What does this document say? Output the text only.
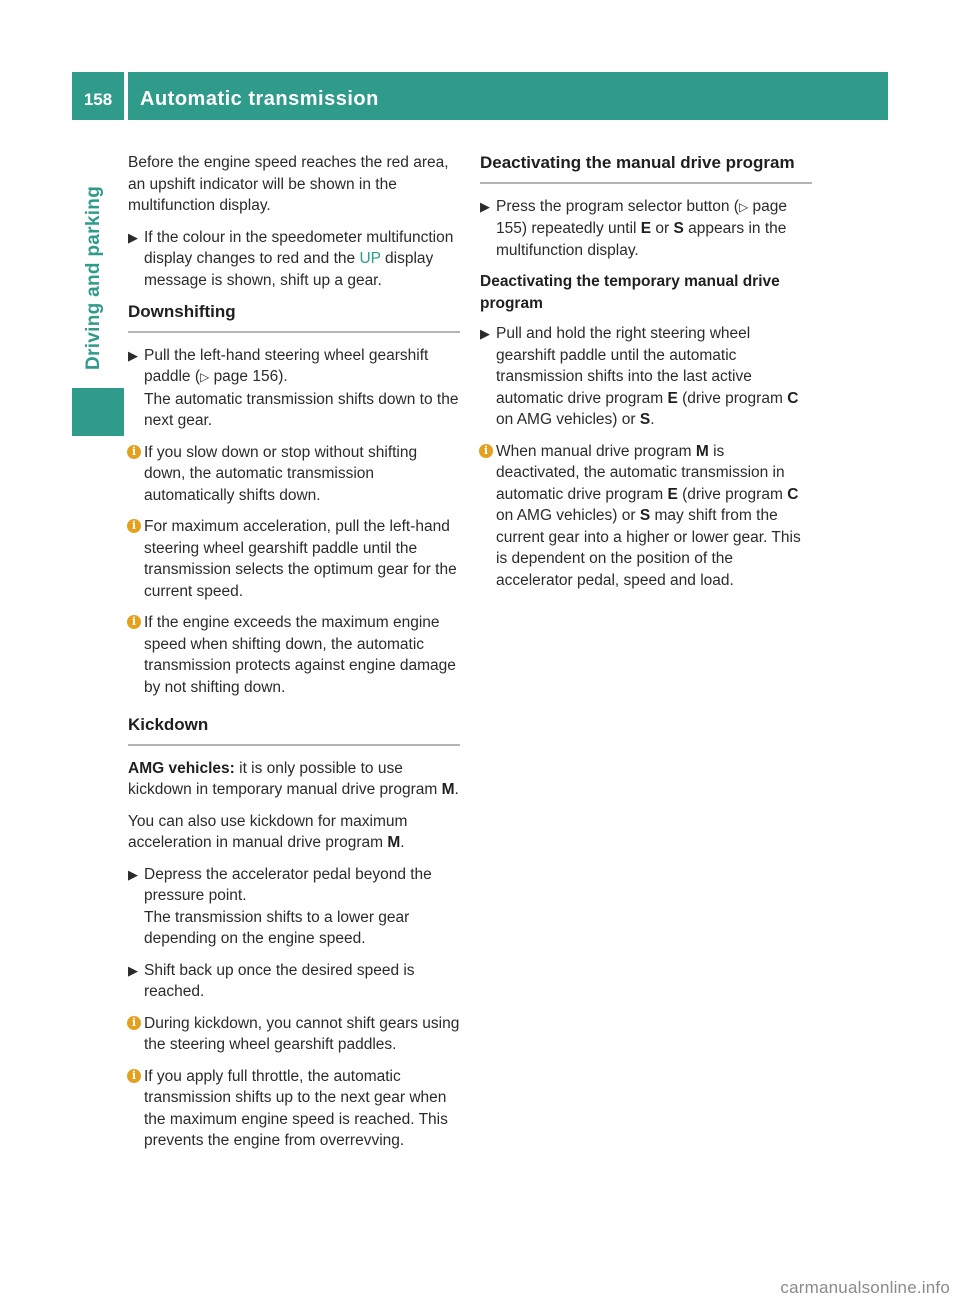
158	Automatic transmission
Driving and parking

Before the engine speed reaches the red area, an upshift indicator will be shown in the multifunction display.

▶ If the colour in the speedometer multifunction display changes to red and the UP display message is shown, shift up a gear.
Downshifting
▶ Pull the left-hand steering wheel gearshift paddle (▷ page 156).
The automatic transmission shifts down to the next gear.
i If you slow down or stop without shifting down, the automatic transmission automatically shifts down.
i For maximum acceleration, pull the left-hand steering wheel gearshift paddle until the transmission selects the optimum gear for the current speed.
i If the engine exceeds the maximum engine speed when shifting down, the automatic transmission protects against engine damage by not shifting down.
Kickdown

AMG vehicles: it is only possible to use kickdown in temporary manual drive program M.

You can also use kickdown for maximum acceleration in manual drive program M.

▶ Depress the accelerator pedal beyond the pressure point.
The transmission shifts to a lower gear depending on the engine speed.
▶ Shift back up once the desired speed is reached.
i During kickdown, you cannot shift gears using the steering wheel gearshift paddles.
i If you apply full throttle, the automatic transmission shifts up to the next gear when the maximum engine speed is reached. This prevents the engine from overrevving.
Deactivating the manual drive program
▶ Press the program selector button (▷ page 155) repeatedly until E or S appears in the multifunction display.
Deactivating the temporary manual drive program
▶ Pull and hold the right steering wheel gearshift paddle until the automatic transmission shifts into the last active automatic drive program E (drive program C on AMG vehicles) or S.
i When manual drive program M is deactivated, the automatic transmission in automatic drive program E (drive program C on AMG vehicles) or S may shift from the current gear into a higher or lower gear. This is dependent on the position of the accelerator pedal, speed and load.
carmanualsonline.info
